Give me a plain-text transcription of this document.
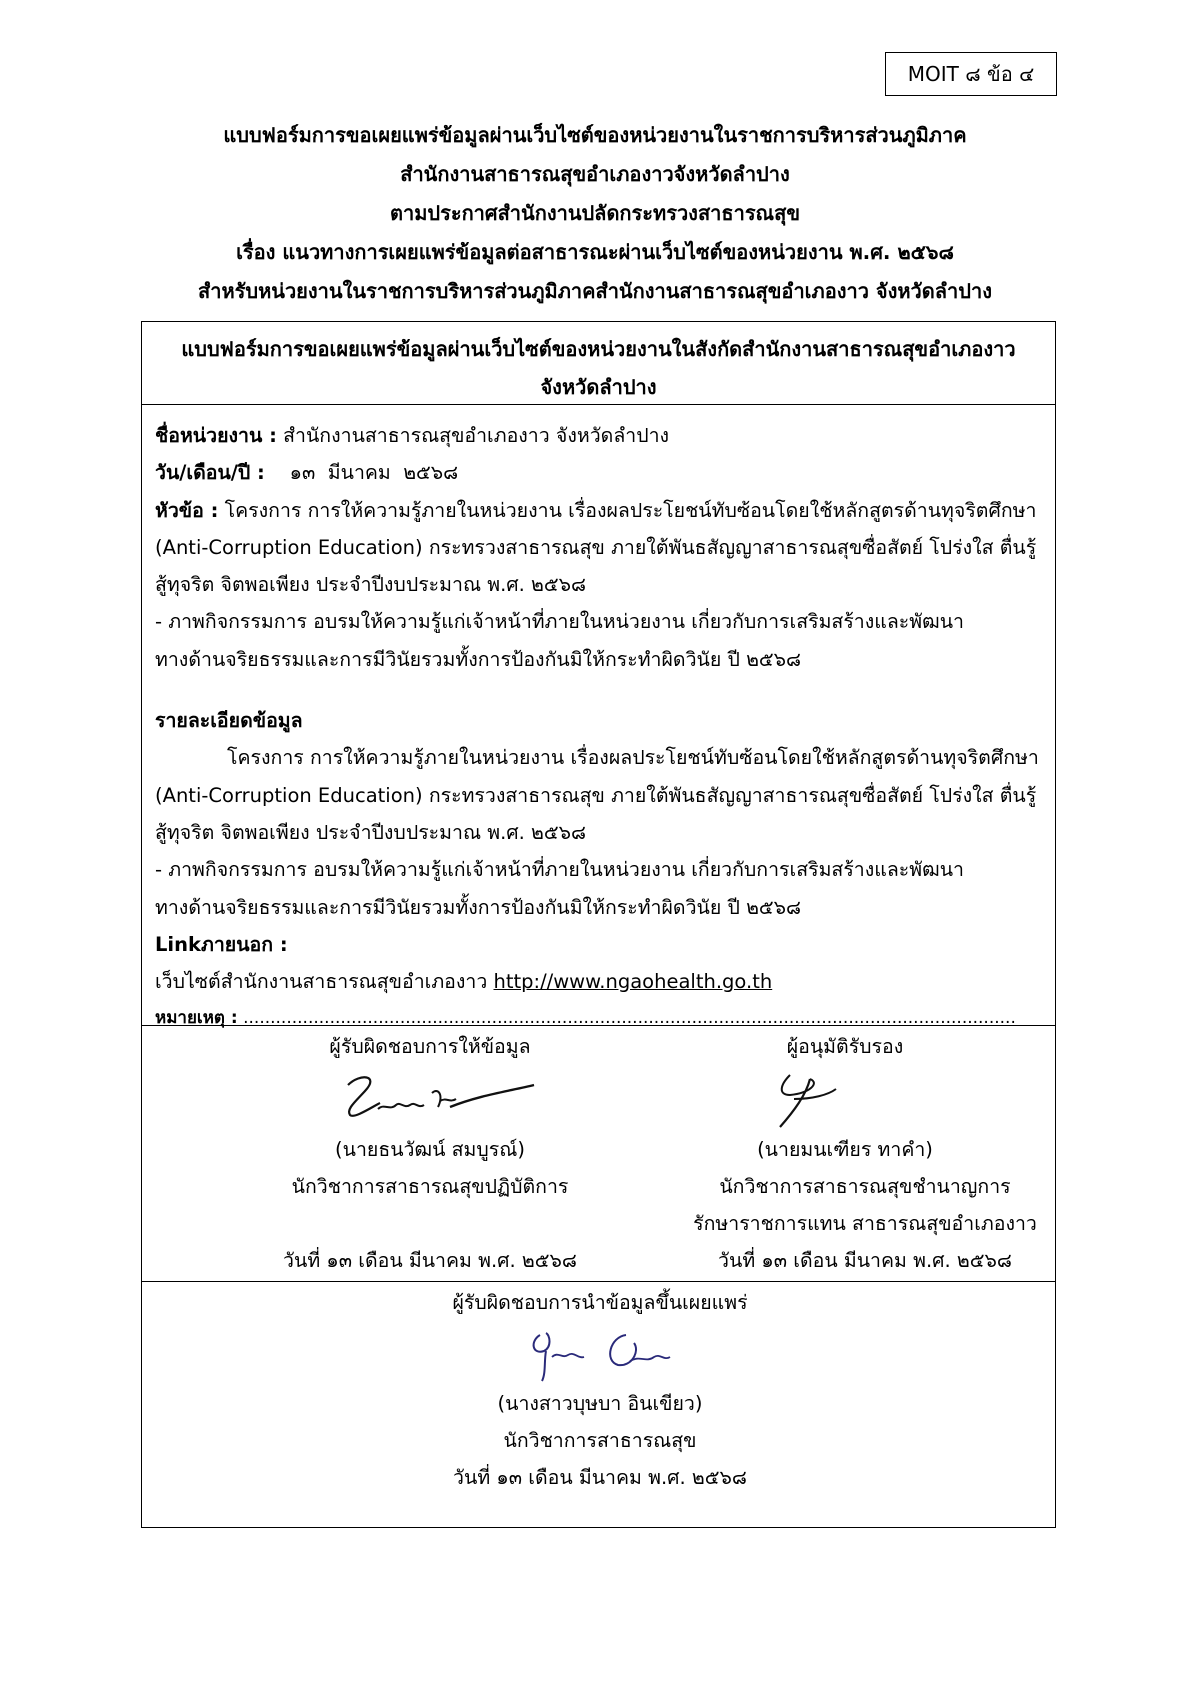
MOIT ๘ ข้อ ๔
แบบฟอร์มการขอเผยแพร่ข้อมูลผ่านเว็บไซต์ของหน่วยงานในราชการบริหารส่วนภูมิภาค
สำนักงานสาธารณสุขอำเภองาวจังหวัดลำปาง
ตามประกาศสำนักงานปลัดกระทรวงสาธารณสุข
เรื่อง แนวทางการเผยแพร่ข้อมูลต่อสาธารณะผ่านเว็บไซต์ของหน่วยงาน พ.ศ. ๒๕๖๘
สำหรับหน่วยงานในราชการบริหารส่วนภูมิภาคสำนักงานสาธารณสุขอำเภองาว จังหวัดลำปาง
แบบฟอร์มการขอเผยแพร่ข้อมูลผ่านเว็บไซต์ของหน่วยงานในสังกัดสำนักงานสาธารณสุขอำเภองาว
จังหวัดลำปาง
ชื่อหน่วยงาน : สำนักงานสาธารณสุขอำเภองาว จังหวัดลำปาง
วัน/เดือน/ปี :    ๑๓  มีนาคม  ๒๕๖๘
หัวข้อ : โครงการ การให้ความรู้ภายในหน่วยงาน เรื่องผลประโยชน์ทับซ้อนโดยใช้หลักสูตรด้านทุจริตศึกษา
(Anti-Corruption Education) กระทรวงสาธารณสุข ภายใต้พันธสัญญาสาธารณสุขซื่อสัตย์ โปร่งใส ตื่นรู้
สู้ทุจริต จิตพอเพียง ประจำปีงบประมาณ พ.ศ. ๒๕๖๘
- ภาพกิจกรรมการ อบรมให้ความรู้แก่เจ้าหน้าที่ภายในหน่วยงาน เกี่ยวกับการเสริมสร้างและพัฒนา
ทางด้านจริยธรรมและการมีวินัยรวมทั้งการป้องกันมิให้กระทำผิดวินัย ปี ๒๕๖๘
รายละเอียดข้อมูล
โครงการ การให้ความรู้ภายในหน่วยงาน เรื่องผลประโยชน์ทับซ้อนโดยใช้หลักสูตรด้านทุจริตศึกษา
(Anti-Corruption Education) กระทรวงสาธารณสุข ภายใต้พันธสัญญาสาธารณสุขซื่อสัตย์ โปร่งใส ตื่นรู้
สู้ทุจริต จิตพอเพียง ประจำปีงบประมาณ พ.ศ. ๒๕๖๘
- ภาพกิจกรรมการ อบรมให้ความรู้แก่เจ้าหน้าที่ภายในหน่วยงาน เกี่ยวกับการเสริมสร้างและพัฒนา
ทางด้านจริยธรรมและการมีวินัยรวมทั้งการป้องกันมิให้กระทำผิดวินัย ปี ๒๕๖๘
Linkภายนอก :
เว็บไซต์สำนักงานสาธารณสุขอำเภองาว http://www.ngaohealth.go.th
หมายเหตุ : ...............................................................................................................................................
ผู้รับผิดชอบการให้ข้อมูล
(นายธนวัฒน์ สมบูรณ์)
นักวิชาการสาธารณสุขปฏิบัติการ
วันที่ ๑๓ เดือน มีนาคม พ.ศ. ๒๕๖๘
ผู้อนุมัติรับรอง
(นายมนเฑียร ทาคำ)
นักวิชาการสาธารณสุขชำนาญการ
รักษาราชการแทน สาธารณสุขอำเภองาว
วันที่ ๑๓ เดือน มีนาคม พ.ศ. ๒๕๖๘
ผู้รับผิดชอบการนำข้อมูลขึ้นเผยแพร่
(นางสาวบุษบา อินเขียว)
นักวิชาการสาธารณสุข
วันที่ ๑๓ เดือน มีนาคม พ.ศ. ๒๕๖๘
